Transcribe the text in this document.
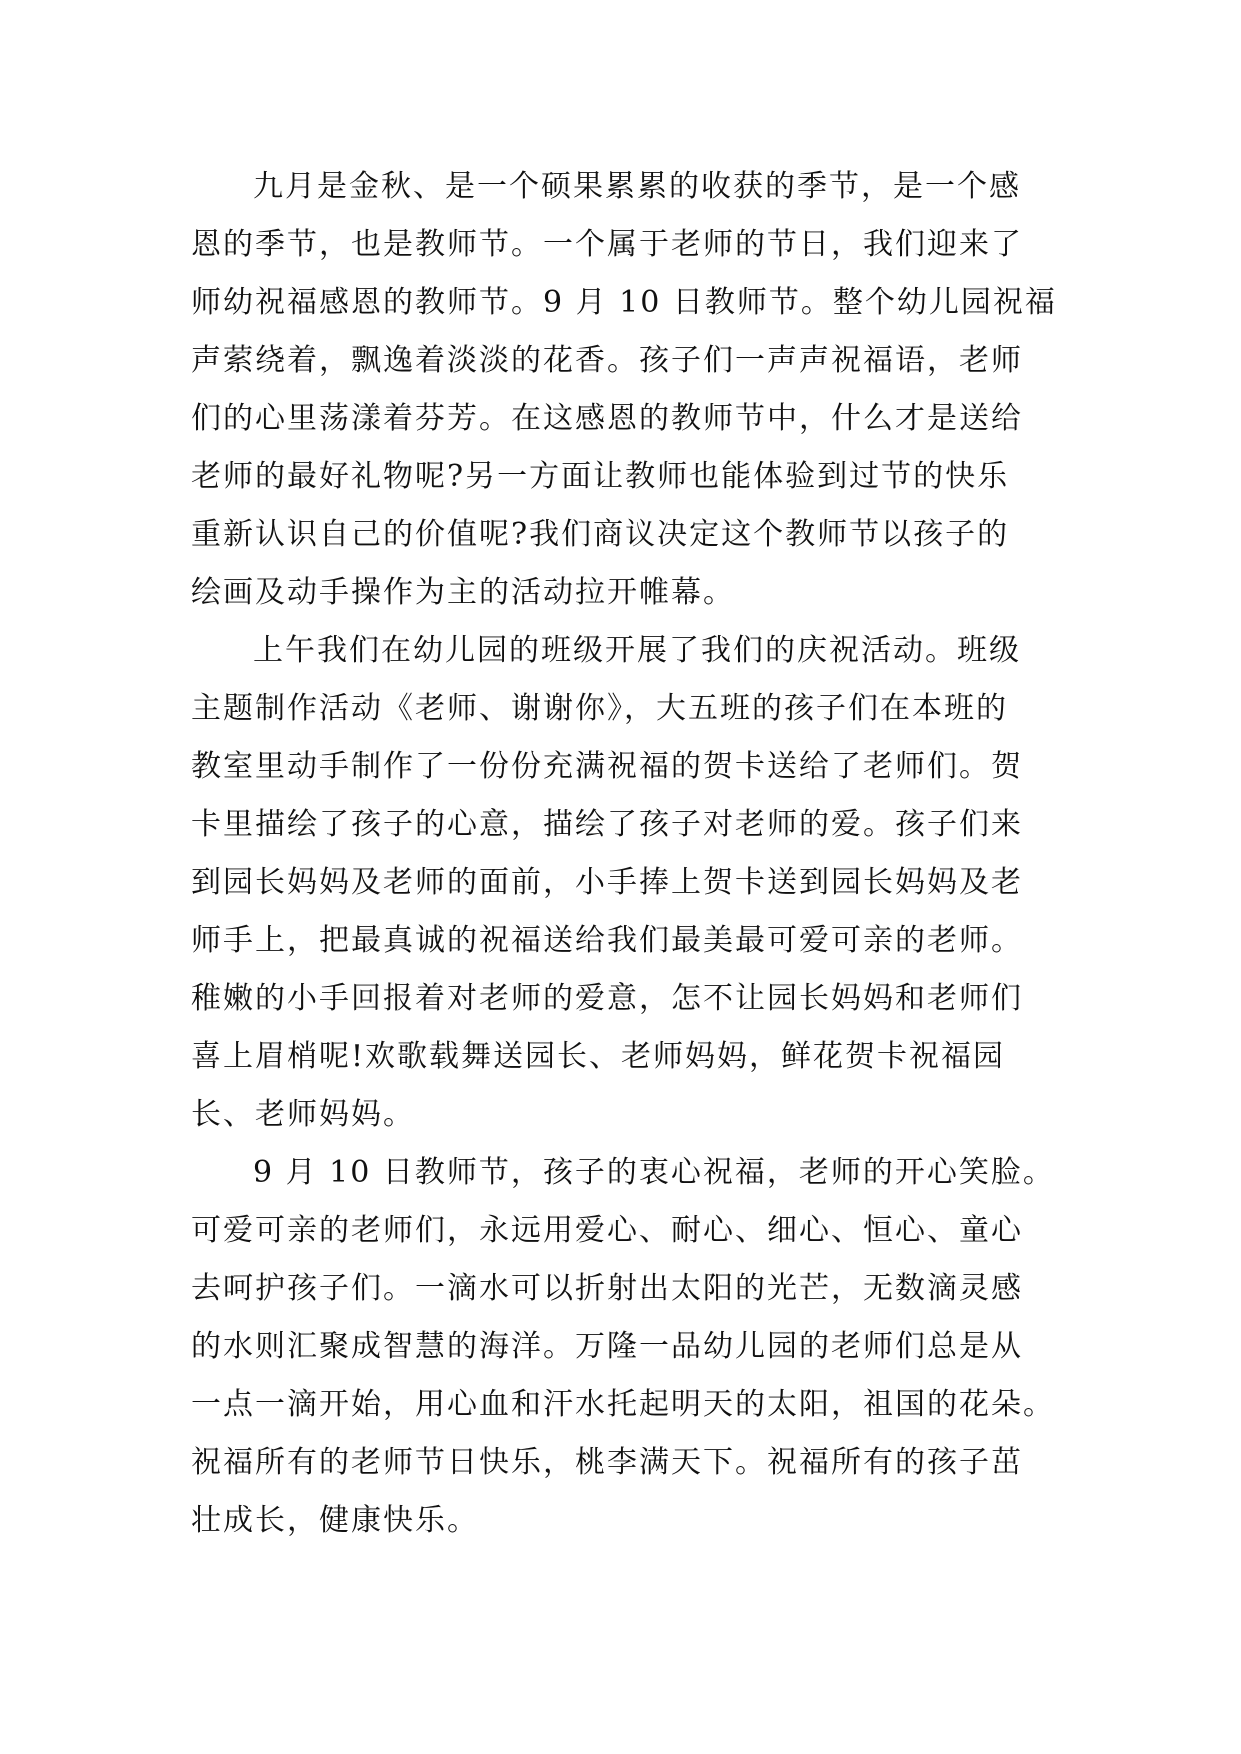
九月是金秋、是一个硕果累累的收获的季节，是一个感
恩的季节，也是教师节。一个属于老师的节日，我们迎来了
师幼祝福感恩的教师节。9 月 10 日教师节。整个幼儿园祝福
声萦绕着，飘逸着淡淡的花香。孩子们一声声祝福语，老师
们的心里荡漾着芬芳。在这感恩的教师节中，什么才是送给
老师的最好礼物呢?另一方面让教师也能体验到过节的快乐
重新认识自己的价值呢?我们商议决定这个教师节以孩子的
绘画及动手操作为主的活动拉开帷幕。
上午我们在幼儿园的班级开展了我们的庆祝活动。班级
主题制作活动《老师、谢谢你》，大五班的孩子们在本班的
教室里动手制作了一份份充满祝福的贺卡送给了老师们。贺
卡里描绘了孩子的心意，描绘了孩子对老师的爱。孩子们来
到园长妈妈及老师的面前，小手捧上贺卡送到园长妈妈及老
师手上，把最真诚的祝福送给我们最美最可爱可亲的老师。
稚嫩的小手回报着对老师的爱意，怎不让园长妈妈和老师们
喜上眉梢呢!欢歌载舞送园长、老师妈妈，鲜花贺卡祝福园
长、老师妈妈。
9 月 10 日教师节，孩子的衷心祝福，老师的开心笑脸。
可爱可亲的老师们，永远用爱心、耐心、细心、恒心、童心
去呵护孩子们。一滴水可以折射出太阳的光芒，无数滴灵感
的水则汇聚成智慧的海洋。万隆一品幼儿园的老师们总是从
一点一滴开始，用心血和汗水托起明天的太阳，祖国的花朵。
祝福所有的老师节日快乐，桃李满天下。祝福所有的孩子茁
壮成长，健康快乐。
